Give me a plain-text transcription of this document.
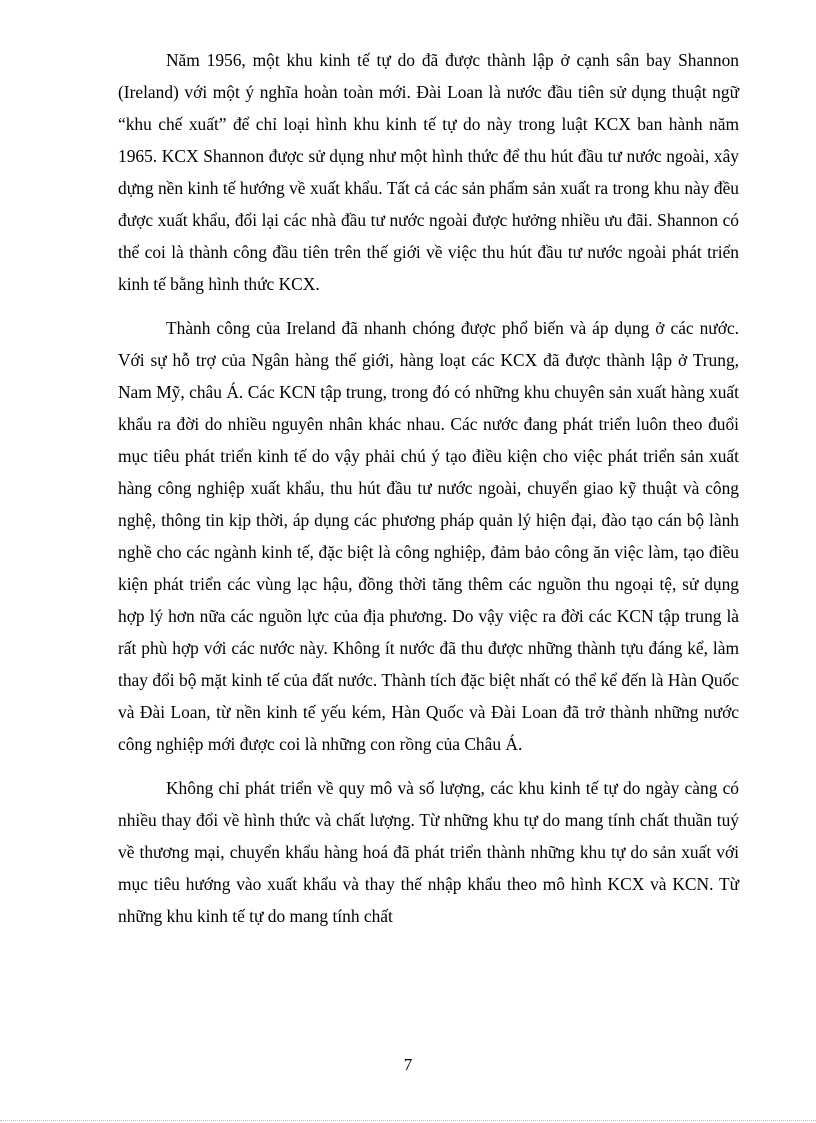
Năm 1956, một khu kinh tế tự do đã được thành lập ở cạnh sân bay Shannon (Ireland) với một ý nghĩa hoàn toàn mới. Đài Loan là nước đầu tiên sử dụng thuật ngữ “khu chế xuất” để chỉ loại hình khu kinh tế tự do này trong luật KCX ban hành năm 1965. KCX Shannon được sử dụng như một hình thức để thu hút đầu tư nước ngoài, xây dựng nền kinh tế hướng về xuất khẩu. Tất cả các sản phẩm sản xuất ra trong khu này đều được xuất khẩu, đổi lại các nhà đầu tư nước ngoài được hưởng nhiều ưu đãi. Shannon có thể coi là thành công đầu tiên trên thế giới về việc thu hút đầu tư nước ngoài phát triển kinh tế bằng hình thức KCX.

Thành công của Ireland đã nhanh chóng được phổ biến và áp dụng ở các nước. Với sự hỗ trợ của Ngân hàng thế giới, hàng loạt các KCX đã được thành lập ở Trung, Nam Mỹ, châu Á. Các KCN tập trung, trong đó có những khu chuyên sản xuất hàng xuất khẩu ra đời do nhiều nguyên nhân khác nhau. Các nước đang phát triển luôn theo đuổi mục tiêu phát triển kinh tế do vậy phải chú ý tạo điều kiện cho việc phát triển sản xuất hàng công nghiệp xuất khẩu, thu hút đầu tư nước ngoài, chuyển giao kỹ thuật và công nghệ, thông tin kịp thời, áp dụng các phương pháp quản lý hiện đại, đào tạo cán bộ lành nghề cho các ngành kinh tế, đặc biệt là công nghiệp, đảm bảo công ăn việc làm, tạo điều kiện phát triển các vùng lạc hậu, đồng thời tăng thêm các nguồn thu ngoại tệ, sử dụng hợp lý hơn nữa các nguồn lực của địa phương. Do vậy việc ra đời các KCN tập trung là rất phù hợp với các nước này. Không ít nước đã thu được những thành tựu đáng kể, làm thay đổi bộ mặt kinh tế của đất nước. Thành tích đặc biệt nhất có thể kể đến là Hàn Quốc và Đài Loan, từ nền kinh tế yếu kém, Hàn Quốc và Đài Loan đã trở thành những nước công nghiệp mới được coi là những con rồng của Châu Á.

Không chỉ phát triển về quy mô và số lượng, các khu kinh tế tự do ngày càng có nhiều thay đổi về hình thức và chất lượng. Từ những khu tự do mang tính chất thuần tuý về thương mại, chuyển khẩu hàng hoá đã phát triển thành những khu tự do sản xuất với mục tiêu hướng vào xuất khẩu và thay thế nhập khẩu theo mô hình KCX và KCN. Từ những khu kinh tế tự do mang tính chất

7
